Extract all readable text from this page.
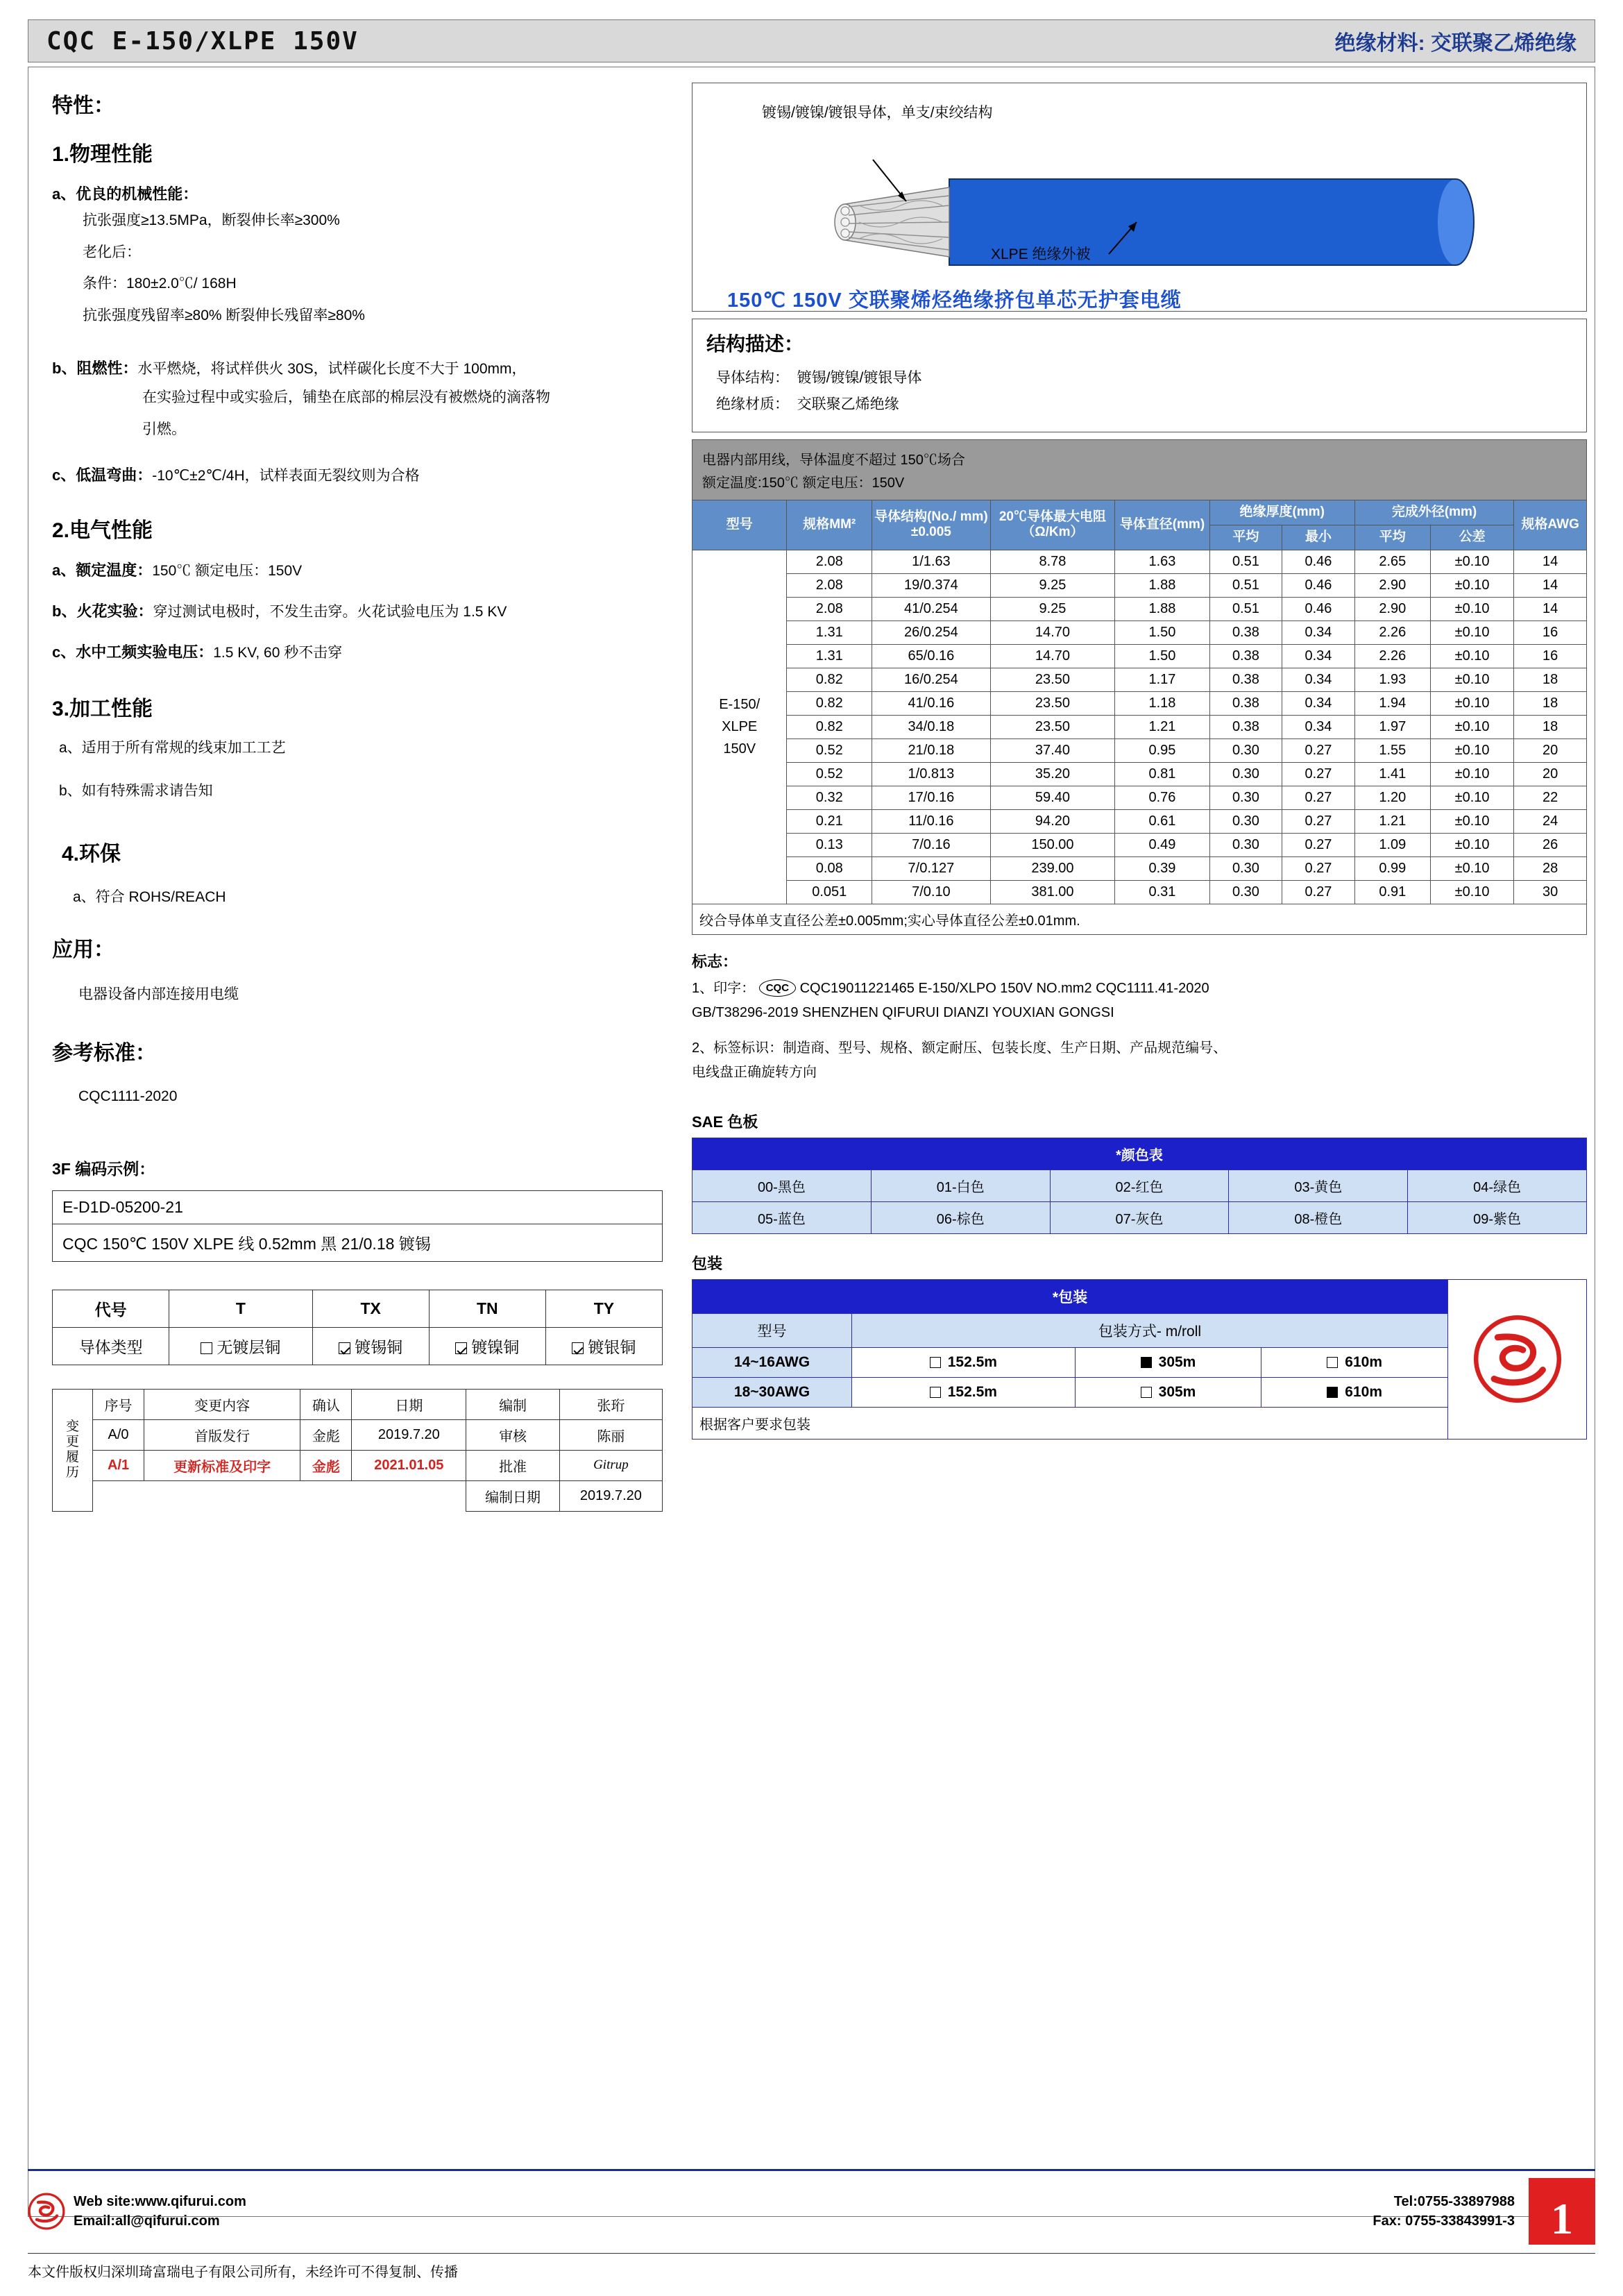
CQC E-150/XLPE 150V	绝缘材料: 交联聚乙烯绝缘
特性：
1.物理性能
a、优良的机械性能：
抗张强度≥13.5MPa，断裂伸长率≥300%
老化后：
条件：180±2.0℃/ 168H
抗张强度残留率≥80% 断裂伸长残留率≥80%
b、阻燃性：水平燃烧，将试样供火 30S，试样碳化长度不大于 100mm，
在实验过程中或实验后，铺垫在底部的棉层没有被燃烧的滴落物
引燃。
c、低温弯曲：-10℃±2℃/4H，试样表面无裂纹则为合格
2.电气性能
a、额定温度：150℃ 额定电压：150V
b、火花实验：穿过测试电极时，不发生击穿。火花试验电压为 1.5 KV
c、水中工频实验电压：1.5 KV, 60 秒不击穿
3.加工性能
a、适用于所有常规的线束加工工艺
b、如有特殊需求请告知
4.环保
a、符合 ROHS/REACH
应用：
电器设备内部连接用电缆
参考标准：
CQC1111-2020
3F 编码示例：
E-D1D-05200-21
CQC 150℃ 150V XLPE 线 0.52mm 黑 21/0.18 镀锡
代号	T	TX	TN	TY
导体类型	无镀层铜	镀锡铜	镀镍铜	镀银铜
变
更
履
历	序号	变更内容	确认	日期	编制	张珩
	A/0	首版发行	金彪	2019.7.20	审核	陈丽
	A/1	更新标准及印字	金彪	2021.01.05	批准	Gitrup
					编制日期	2019.7.20
镀锡/镀镍/镀银导体，单支/束绞结构
XLPE 绝缘外被
150℃ 150V 交联聚烯烃绝缘挤包单芯无护套电缆
结构描述：
导体结构： 镀锡/镀镍/镀银导体
绝缘材质： 交联聚乙烯绝缘
电器内部用线，导体温度不超过 150℃场合
额定温度:150℃ 额定电压：150V
型号	规格MM²	导体结构(No./ mm)±0.005	20℃导体最大电阻（Ω/Km）	导体直径(mm)	绝缘厚度(mm)		完成外径(mm)		规格AWG
					平均	最小	平均	公差	
E-150/
XLPE
150V	2.08	1/1.63	8.78	1.63	0.51	0.46	2.65	±0.10	14
	2.08	19/0.374	9.25	1.88	0.51	0.46	2.90	±0.10	14
	2.08	41/0.254	9.25	1.88	0.51	0.46	2.90	±0.10	14
	1.31	26/0.254	14.70	1.50	0.38	0.34	2.26	±0.10	16
	1.31	65/0.16	14.70	1.50	0.38	0.34	2.26	±0.10	16
	0.82	16/0.254	23.50	1.17	0.38	0.34	1.93	±0.10	18
	0.82	41/0.16	23.50	1.18	0.38	0.34	1.94	±0.10	18
	0.82	34/0.18	23.50	1.21	0.38	0.34	1.97	±0.10	18
	0.52	21/0.18	37.40	0.95	0.30	0.27	1.55	±0.10	20
	0.52	1/0.813	35.20	0.81	0.30	0.27	1.41	±0.10	20
	0.32	17/0.16	59.40	0.76	0.30	0.27	1.20	±0.10	22
	0.21	11/0.16	94.20	0.61	0.30	0.27	1.21	±0.10	24
	0.13	7/0.16	150.00	0.49	0.30	0.27	1.09	±0.10	26
	0.08	7/0.127	239.00	0.39	0.30	0.27	0.99	±0.10	28
	0.051	7/0.10	381.00	0.31	0.30	0.27	0.91	±0.10	30
绞合导体单支直径公差±0.005mm;实心导体直径公差±0.01mm.
标志：
1、印字： CQC CQC19011221465 E-150/XLPO 150V NO.mm2 CQC1111.41-2020
GB/T38296-2019 SHENZHEN QIFURUI DIANZI YOUXIAN GONGSI
2、标签标识：制造商、型号、规格、额定耐压、包装长度、生产日期、产品规范编号、
电线盘正确旋转方向
SAE 色板
*颜色表				
00-黑色	01-白色	02-红色	03-黄色	04-绿色
05-蓝色	06-棕色	07-灰色	08-橙色	09-紫色
包装
*包装			
型号	包装方式- m/roll		
14~16AWG	152.5m	305m	610m
18~30AWG	152.5m	305m	610m
根据客户要求包装
Web site:www.qifurui.com
Email:all@qifurui.com
Tel:0755-33897988
Fax: 0755-33843991-3 1
本文件版权归深圳琦富瑞电子有限公司所有，未经许可不得复制、传播
